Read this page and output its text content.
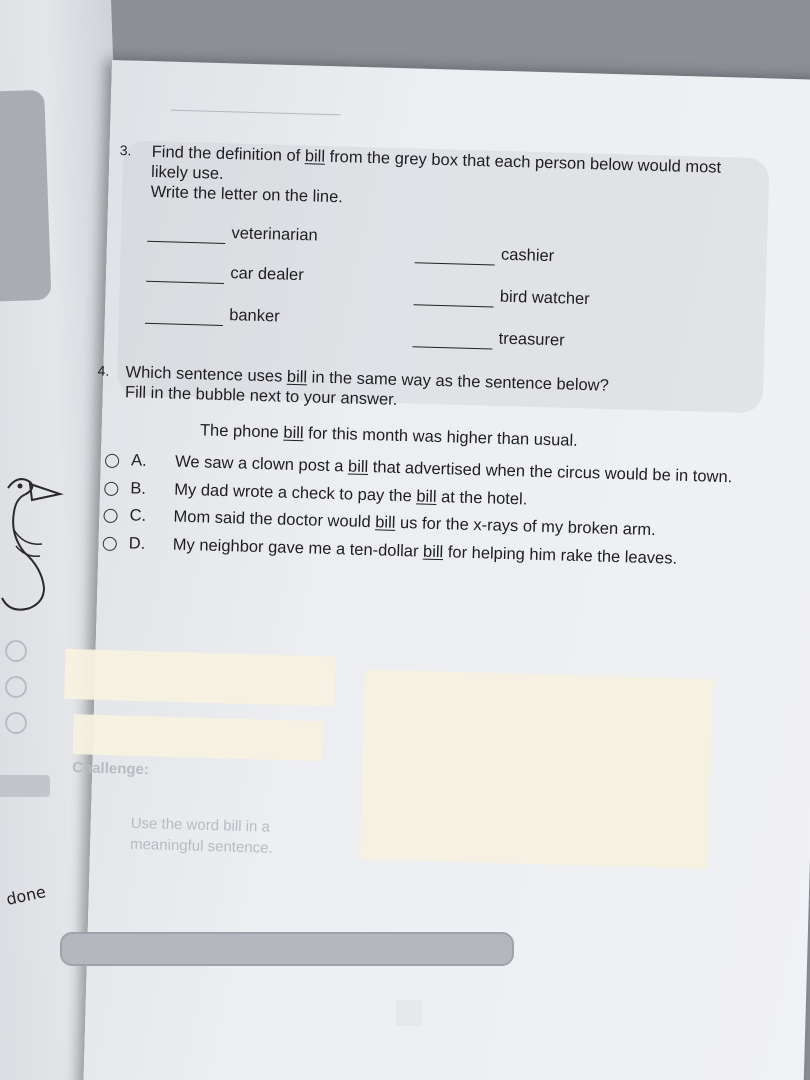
done
Challenge:
Use the word bill in a meaningful sentence.
3. Find the definition of bill from the grey box that each person below would most likely use.

Write the letter on the line.

veterinarian
cashier
car dealer
bird watcher
banker
treasurer
4. Which sentence uses bill in the same way as the sentence below?

Fill in the bubble next to your answer.

The phone bill for this month was higher than usual.
A.	We saw a clown post a bill that advertised when the circus would be in town.
B.	My dad wrote a check to pay the bill at the hotel.
C.	Mom said the doctor would bill us for the x-rays of my broken arm.
D.	My neighbor gave me a ten-dollar bill for helping him rake the leaves.
